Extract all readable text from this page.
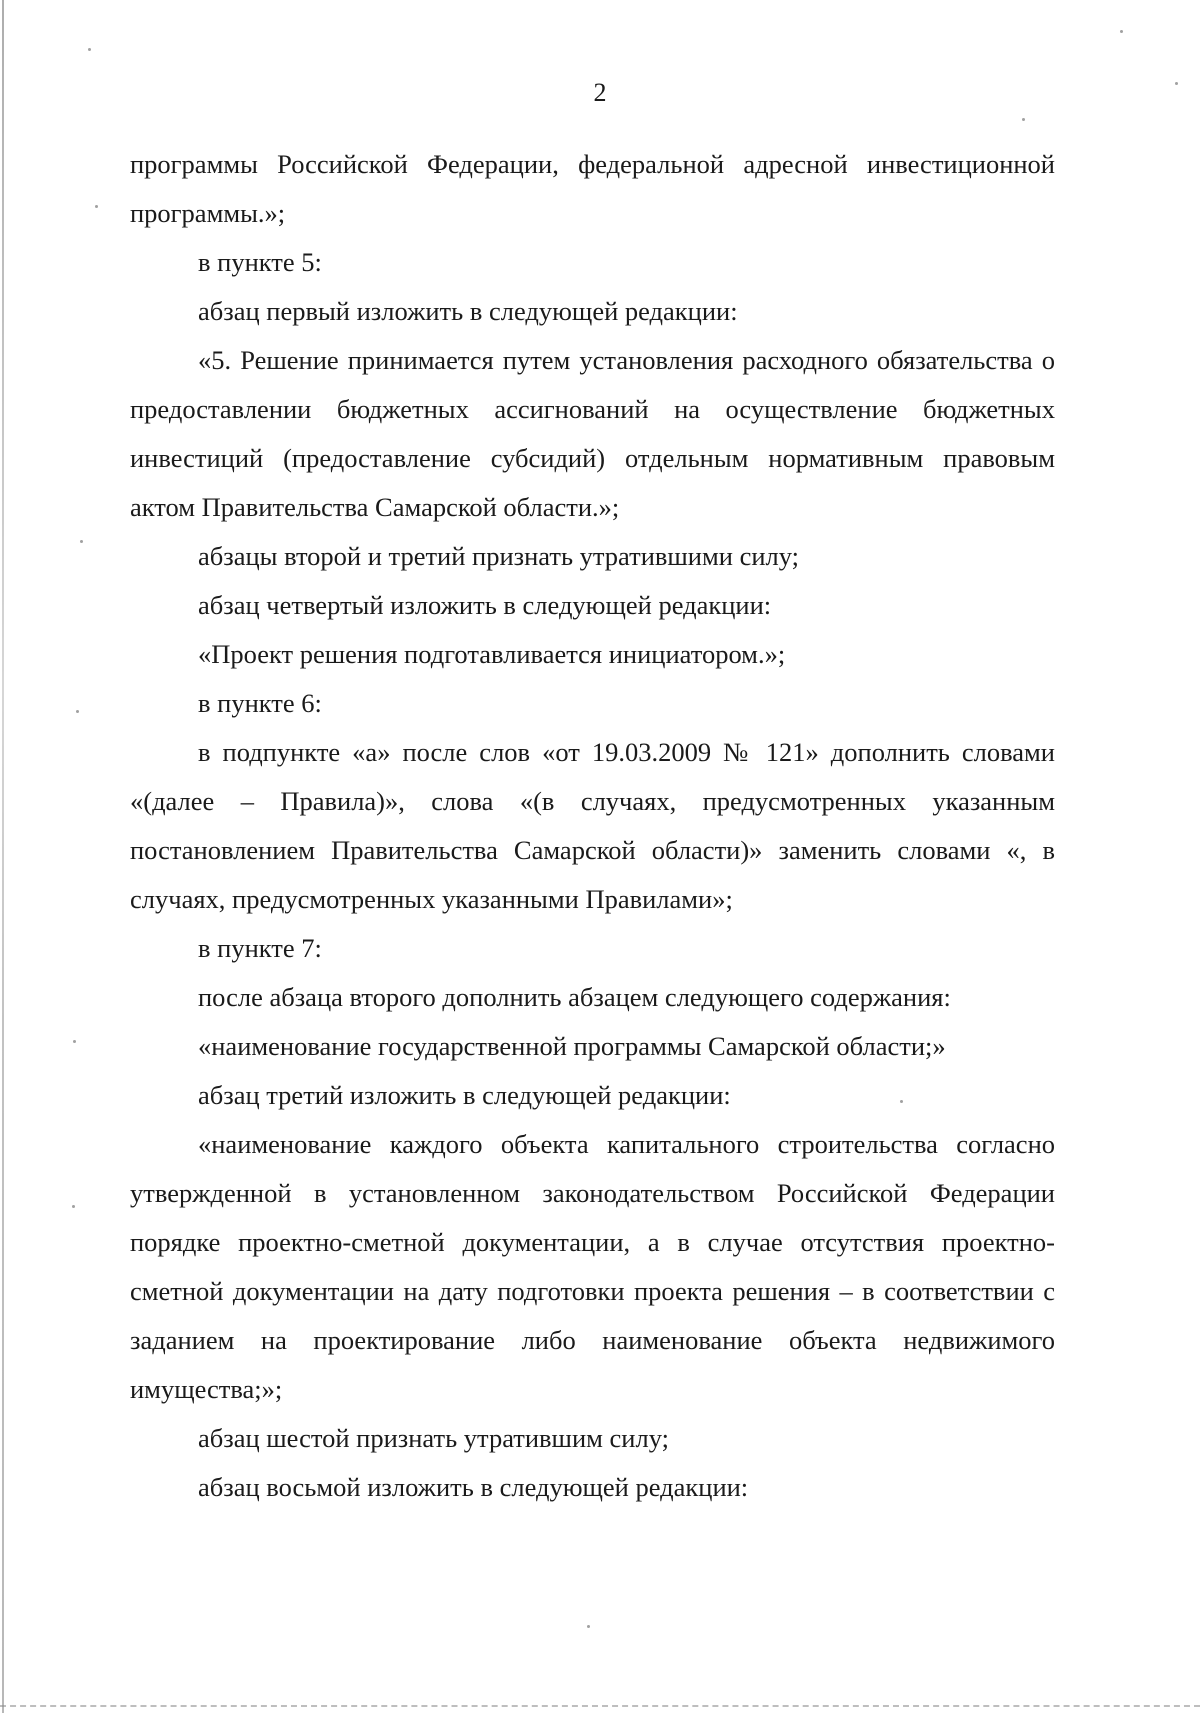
2

программы Российской Федерации, федеральной адресной инвестиционной программы.»;

в пункте 5:

абзац первый изложить в следующей редакции:

«5. Решение принимается путем установления расходного обязательства о предоставлении бюджетных ассигнований на осуществление бюджетных инвестиций (предоставление субсидий) отдельным нормативным правовым актом Правительства Самарской области.»;

абзацы второй и третий признать утратившими силу;

абзац четвертый изложить в следующей редакции:

«Проект решения подготавливается инициатором.»;

в пункте 6:

в подпункте «а» после слов «от 19.03.2009 № 121» дополнить словами «(далее – Правила)», слова «(в случаях, предусмотренных указанным постановлением Правительства Самарской области)» заменить словами «, в случаях, предусмотренных указанными Правилами»;

в пункте 7:

после абзаца второго дополнить абзацем следующего содержания:

«наименование государственной программы Самарской области;»

абзац третий изложить в следующей редакции:

«наименование каждого объекта капитального строительства согласно утвержденной в установленном законодательством Российской Федерации порядке проектно-сметной документации, а в случае отсутствия проектно-сметной документации на дату подготовки проекта решения – в соответствии с заданием на проектирование либо наименование объекта недвижимого имущества;»;

абзац шестой признать утратившим силу;

абзац восьмой изложить в следующей редакции:
